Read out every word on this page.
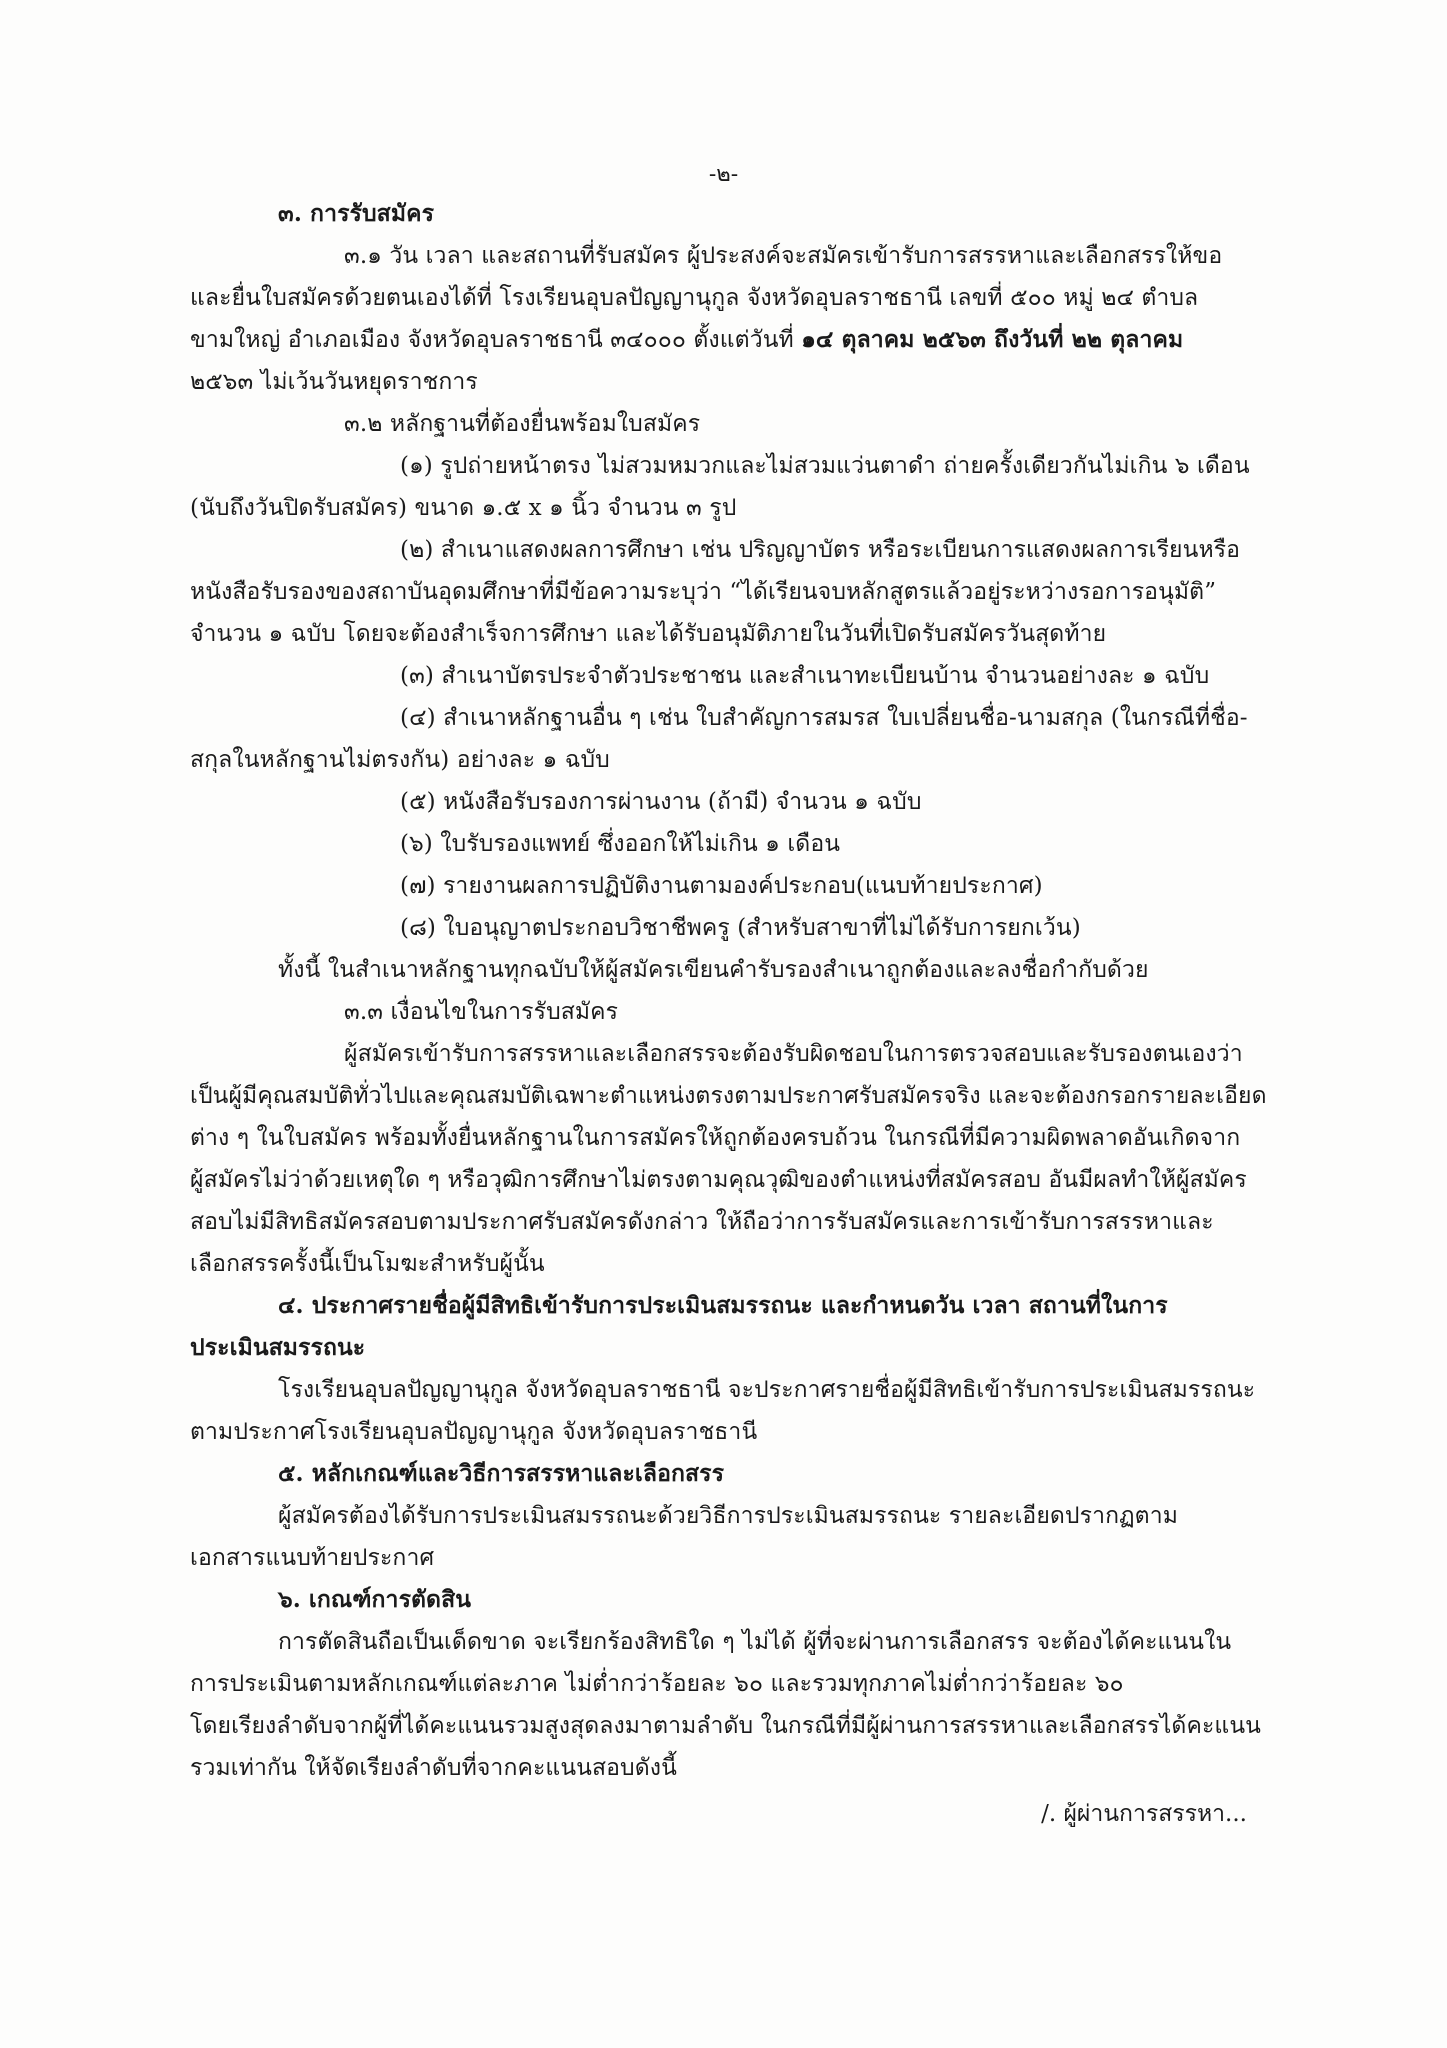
-๒-
๓. การรับสมัคร
๓.๑ วัน เวลา และสถานที่รับสมัคร ผู้ประสงค์จะสมัครเข้ารับการสรรหาและเลือกสรรให้ขอ
และยื่นใบสมัครด้วยตนเองได้ที่ โรงเรียนอุบลปัญญานุกูล จังหวัดอุบลราชธานี เลขที่ ๕๐๐ หมู่ ๒๔ ตำบล
ขามใหญ่ อำเภอเมือง จังหวัดอุบลราชธานี ๓๔๐๐๐ ตั้งแต่วันที่ ๑๔ ตุลาคม ๒๕๖๓ ถึงวันที่ ๒๒ ตุลาคม
๒๕๖๓ ไม่เว้นวันหยุดราชการ
๓.๒ หลักฐานที่ต้องยื่นพร้อมใบสมัคร
(๑) รูปถ่ายหน้าตรง ไม่สวมหมวกและไม่สวมแว่นตาดำ ถ่ายครั้งเดียวกันไม่เกิน ๖ เดือน
(นับถึงวันปิดรับสมัคร) ขนาด ๑.๕ x ๑ นิ้ว จำนวน ๓ รูป
(๒) สำเนาแสดงผลการศึกษา เช่น ปริญญาบัตร หรือระเบียนการแสดงผลการเรียนหรือ
หนังสือรับรองของสถาบันอุดมศึกษาที่มีข้อความระบุว่า “ได้เรียนจบหลักสูตรแล้วอยู่ระหว่างรอการอนุมัติ”
จำนวน ๑ ฉบับ โดยจะต้องสำเร็จการศึกษา และได้รับอนุมัติภายในวันที่เปิดรับสมัครวันสุดท้าย
(๓) สำเนาบัตรประจำตัวประชาชน และสำเนาทะเบียนบ้าน จำนวนอย่างละ ๑ ฉบับ
(๔) สำเนาหลักฐานอื่น ๆ เช่น ใบสำคัญการสมรส ใบเปลี่ยนชื่อ-นามสกุล (ในกรณีที่ชื่อ-
สกุลในหลักฐานไม่ตรงกัน) อย่างละ ๑ ฉบับ
(๕) หนังสือรับรองการผ่านงาน (ถ้ามี) จำนวน ๑ ฉบับ
(๖) ใบรับรองแพทย์ ซึ่งออกให้ไม่เกิน ๑ เดือน
(๗) รายงานผลการปฏิบัติงานตามองค์ประกอบ(แนบท้ายประกาศ)
(๘) ใบอนุญาตประกอบวิชาชีพครู (สำหรับสาขาที่ไม่ได้รับการยกเว้น)
ทั้งนี้ ในสำเนาหลักฐานทุกฉบับให้ผู้สมัครเขียนคำรับรองสำเนาถูกต้องและลงชื่อกำกับด้วย
๓.๓ เงื่อนไขในการรับสมัคร
ผู้สมัครเข้ารับการสรรหาและเลือกสรรจะต้องรับผิดชอบในการตรวจสอบและรับรองตนเองว่า
เป็นผู้มีคุณสมบัติทั่วไปและคุณสมบัติเฉพาะตำแหน่งตรงตามประกาศรับสมัครจริง และจะต้องกรอกรายละเอียด
ต่าง ๆ ในใบสมัคร พร้อมทั้งยื่นหลักฐานในการสมัครให้ถูกต้องครบถ้วน ในกรณีที่มีความผิดพลาดอันเกิดจาก
ผู้สมัครไม่ว่าด้วยเหตุใด ๆ หรือวุฒิการศึกษาไม่ตรงตามคุณวุฒิของตำแหน่งที่สมัครสอบ อันมีผลทำให้ผู้สมัคร
สอบไม่มีสิทธิสมัครสอบตามประกาศรับสมัครดังกล่าว ให้ถือว่าการรับสมัครและการเข้ารับการสรรหาและ
เลือกสรรครั้งนี้เป็นโมฆะสำหรับผู้นั้น
๔. ประกาศรายชื่อผู้มีสิทธิเข้ารับการประเมินสมรรถนะ และกำหนดวัน เวลา สถานที่ในการ
ประเมินสมรรถนะ
โรงเรียนอุบลปัญญานุกูล จังหวัดอุบลราชธานี จะประกาศรายชื่อผู้มีสิทธิเข้ารับการประเมินสมรรถนะ
ตามประกาศโรงเรียนอุบลปัญญานุกูล จังหวัดอุบลราชธานี
๕. หลักเกณฑ์และวิธีการสรรหาและเลือกสรร
ผู้สมัครต้องได้รับการประเมินสมรรถนะด้วยวิธีการประเมินสมรรถนะ รายละเอียดปรากฏตาม
เอกสารแนบท้ายประกาศ
๖. เกณฑ์การตัดสิน
การตัดสินถือเป็นเด็ดขาด จะเรียกร้องสิทธิใด ๆ ไม่ได้ ผู้ที่จะผ่านการเลือกสรร จะต้องได้คะแนนใน
การประเมินตามหลักเกณฑ์แต่ละภาค ไม่ต่ำกว่าร้อยละ ๖๐ และรวมทุกภาคไม่ต่ำกว่าร้อยละ ๖๐
โดยเรียงลำดับจากผู้ที่ได้คะแนนรวมสูงสุดลงมาตามลำดับ ในกรณีที่มีผู้ผ่านการสรรหาและเลือกสรรได้คะแนน
รวมเท่ากัน ให้จัดเรียงลำดับที่จากคะแนนสอบดังนี้
/. ผู้ผ่านการสรรหา...
